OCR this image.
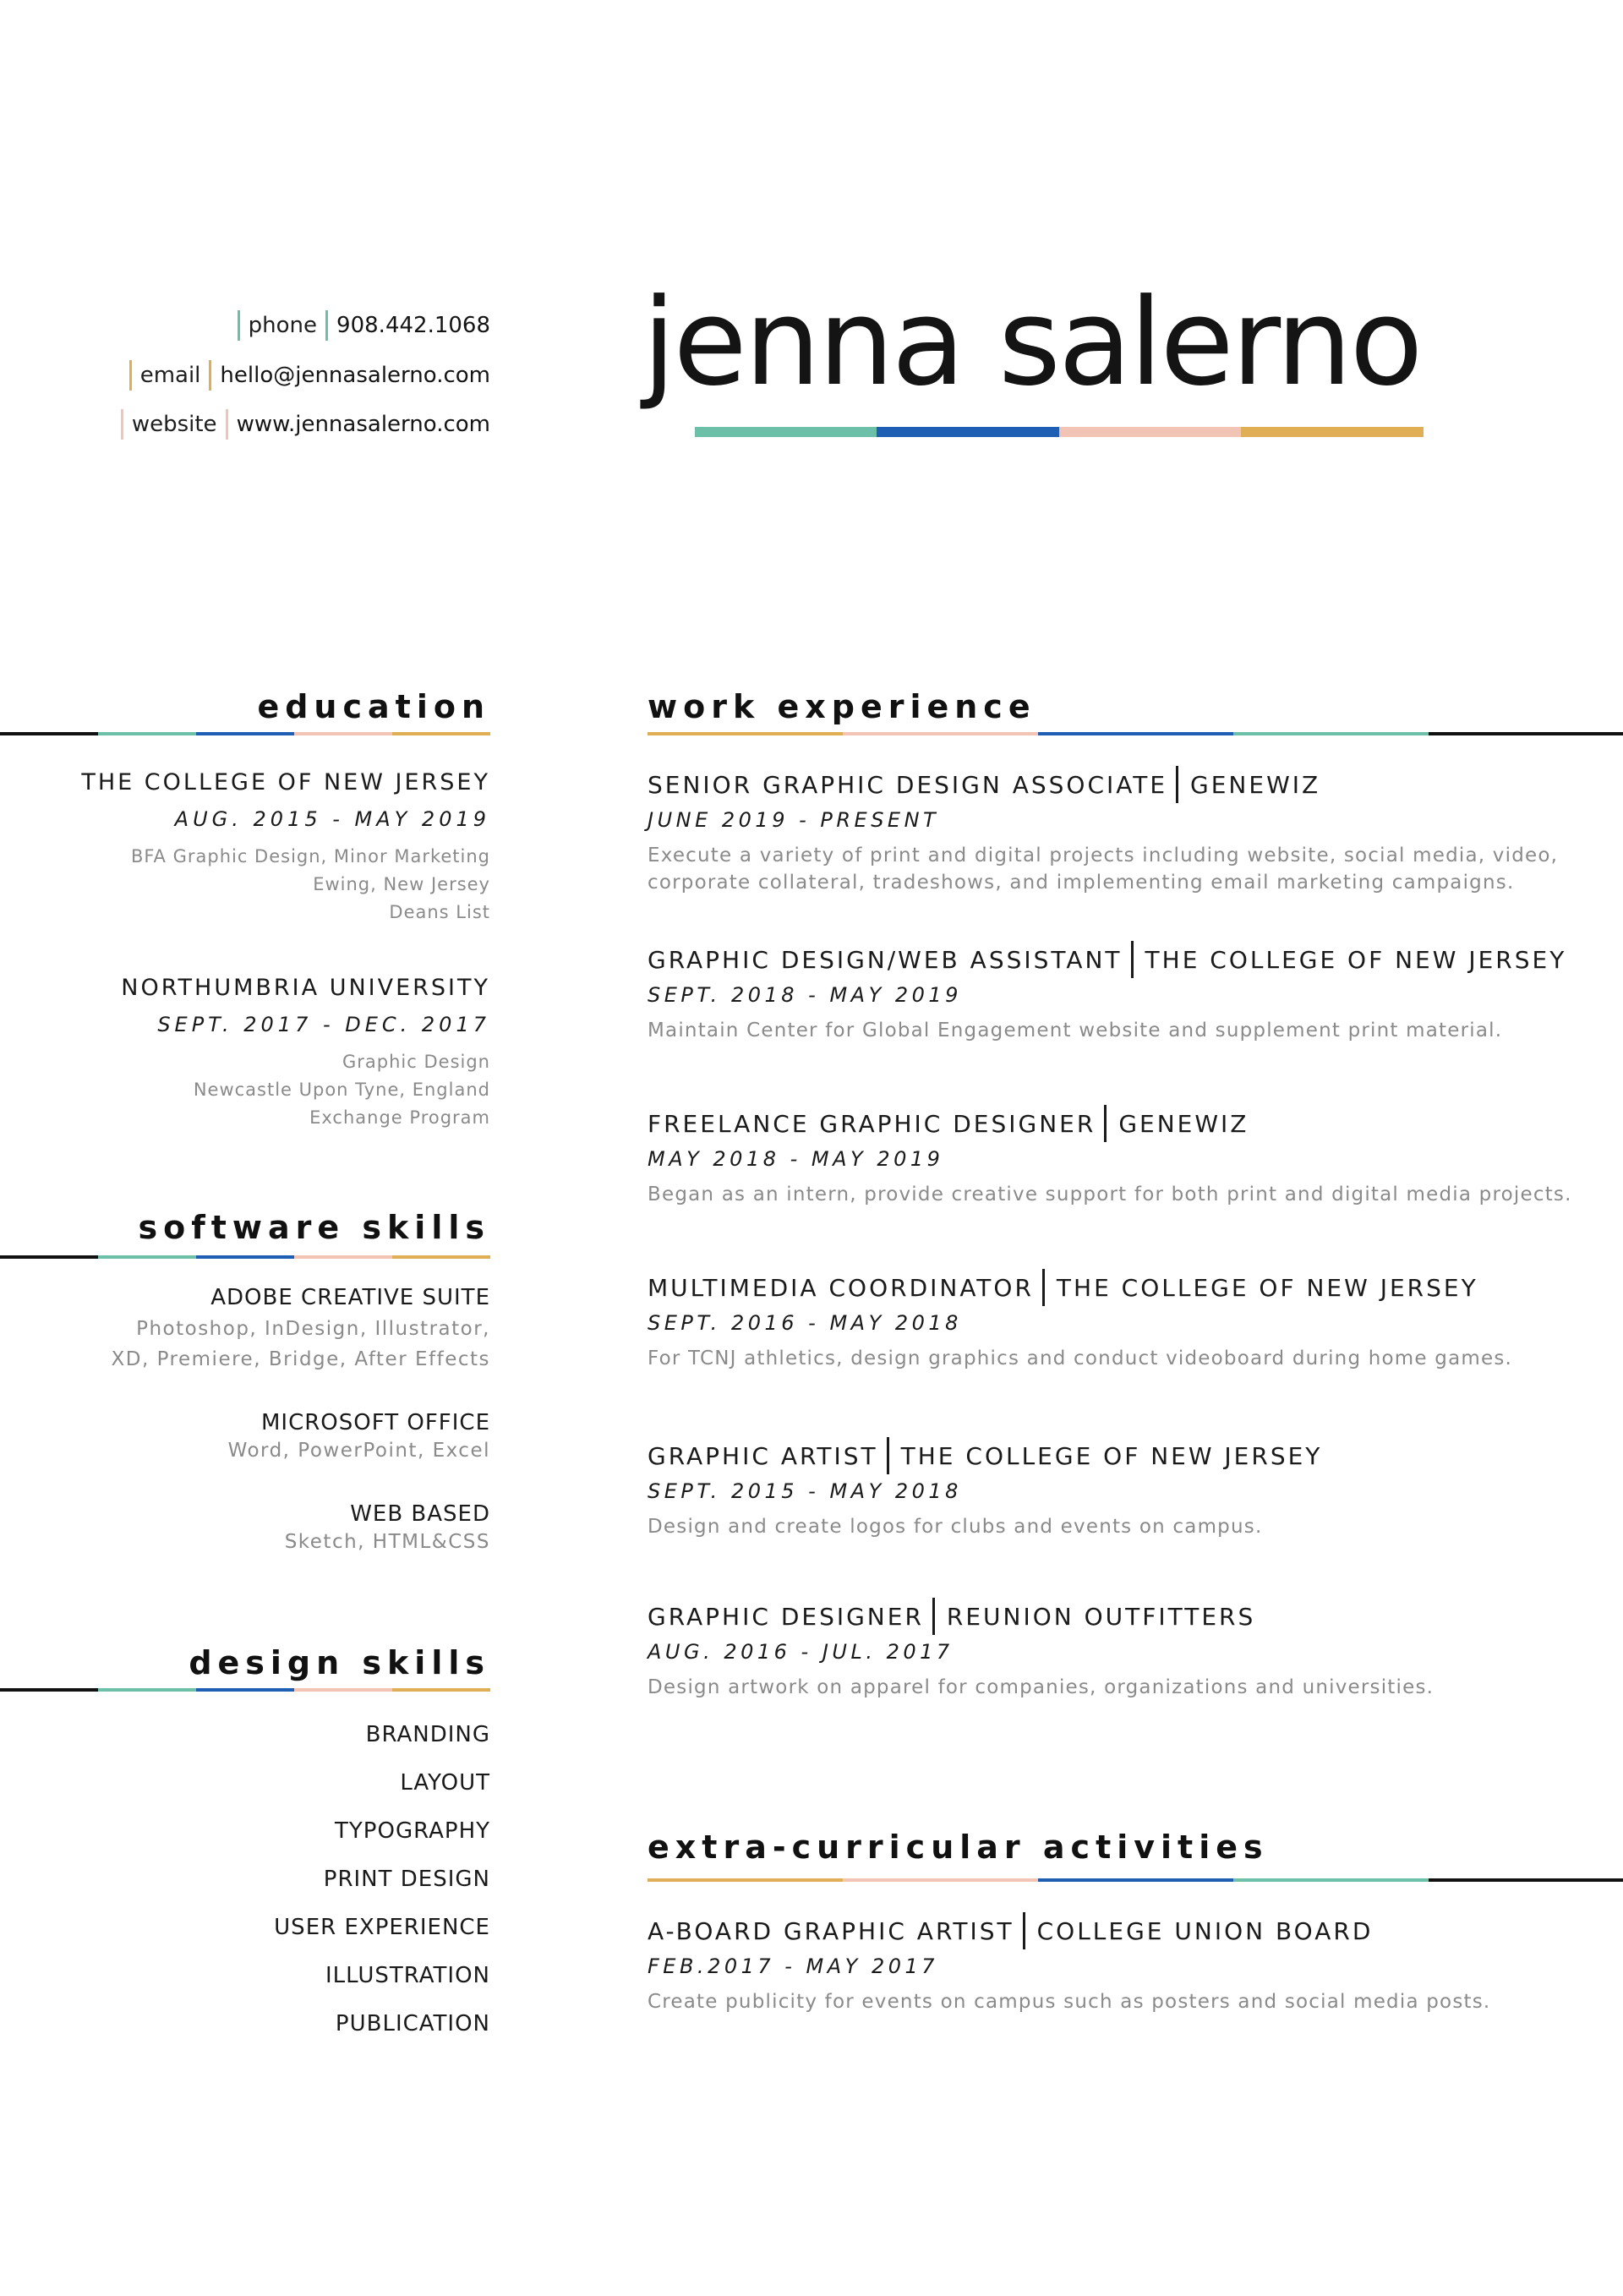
phone 908.442.1068
email hello@jennasalerno.com
website www.jennasalerno.com
jenna salerno
education
THE COLLEGE OF NEW JERSEY
AUG. 2015 - MAY 2019
BFA Graphic Design, Minor Marketing
Ewing, New Jersey
Deans List
NORTHUMBRIA UNIVERSITY
SEPT. 2017 - DEC. 2017
Graphic Design
Newcastle Upon Tyne, England
Exchange Program
software skills
ADOBE CREATIVE SUITE
Photoshop, InDesign, Illustrator,
XD, Premiere, Bridge, After Effects
MICROSOFT OFFICE
Word, PowerPoint, Excel
WEB BASED
Sketch, HTML&CSS
design skills
BRANDING
LAYOUT
TYPOGRAPHY
PRINT DESIGN
USER EXPERIENCE
ILLUSTRATION
PUBLICATION
work experience
SENIOR GRAPHIC DESIGN ASSOCIATE GENEWIZ
JUNE 2019 - PRESENT
Execute a variety of print and digital projects including website, social media, video, corporate collateral, tradeshows, and implementing email marketing campaigns.
GRAPHIC DESIGN/WEB ASSISTANT THE COLLEGE OF NEW JERSEY
SEPT. 2018 - MAY 2019
Maintain Center for Global Engagement website and supplement print material.
FREELANCE GRAPHIC DESIGNER GENEWIZ
MAY 2018 - MAY 2019
Began as an intern, provide creative support for both print and digital media projects.
MULTIMEDIA COORDINATOR THE COLLEGE OF NEW JERSEY
SEPT. 2016 - MAY 2018
For TCNJ athletics, design graphics and conduct videoboard during home games.
GRAPHIC ARTIST THE COLLEGE OF NEW JERSEY
SEPT. 2015 - MAY 2018
Design and create logos for clubs and events on campus.
GRAPHIC DESIGNER REUNION OUTFITTERS
AUG. 2016 - JUL. 2017
Design artwork on apparel for companies, organizations and universities.
extra-curricular activities
A-BOARD GRAPHIC ARTIST COLLEGE UNION BOARD
FEB.2017 - MAY 2017
Create publicity for events on campus such as posters and social media posts.
